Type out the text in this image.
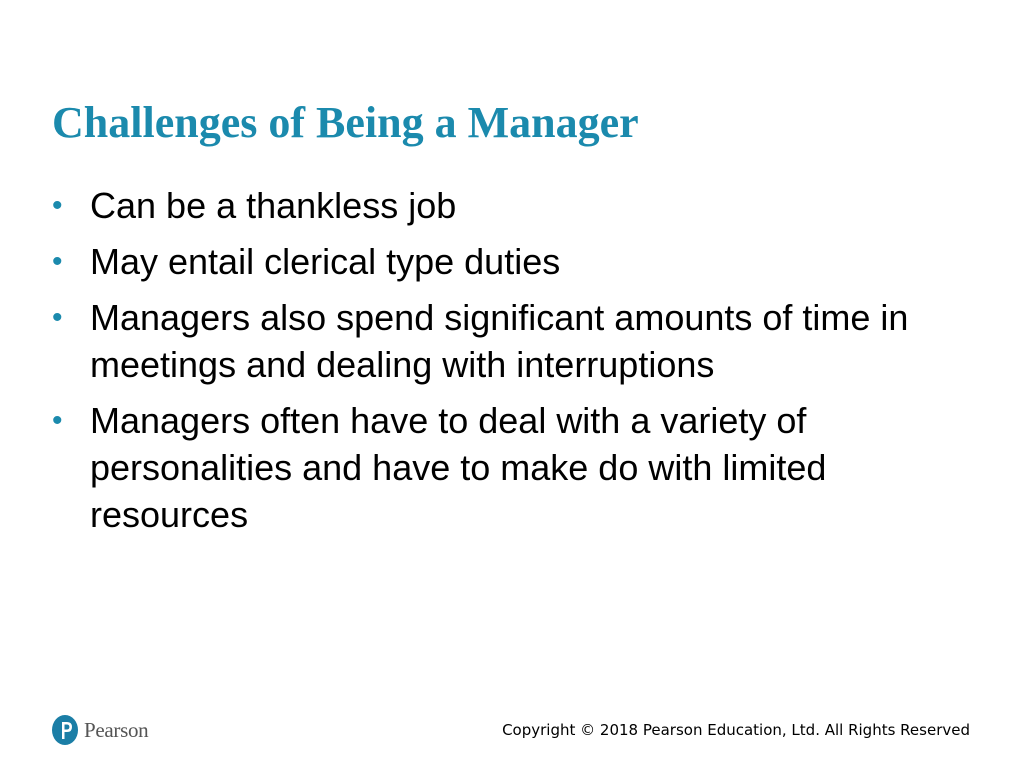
Challenges of Being a Manager
• Can be a thankless job
• May entail clerical type duties
• Managers also spend significant amounts of time in meetings and dealing with interruptions
• Managers often have to deal with a variety of personalities and have to make do with limited resources
Pearson	Copyright © 2018 Pearson Education, Ltd. All Rights Reserved
